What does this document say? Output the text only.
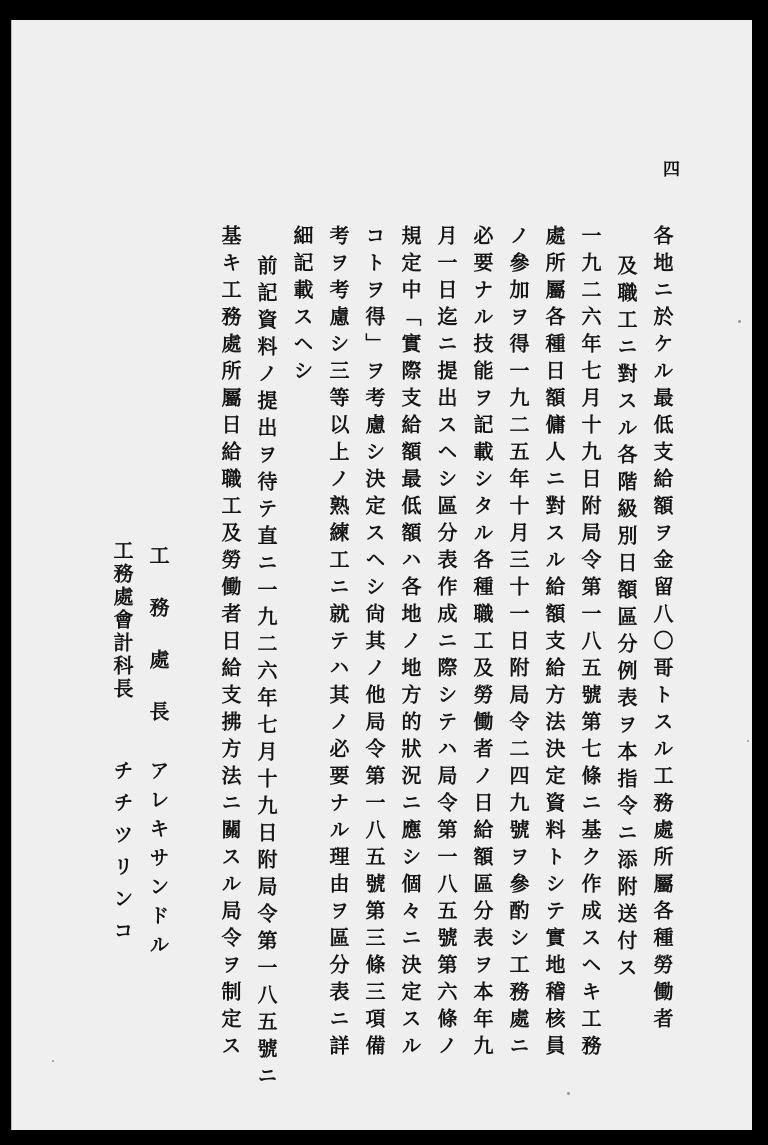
四
各地ニ於ケル最低支給額ヲ金留八〇哥トスル工務處所屬各種勞働者
及職工ニ對スル各階級別日額區分例表ヲ本指令ニ添附送付ス
一九二六年七月十九日附局令第一八五號第七條ニ基ク作成スヘキ工務
處所屬各種日額傭人ニ對スル給額支給方法決定資料トシテ實地稽核員
ノ參加ヲ得一九二五年十月三十一日附局令二四九號ヲ參酌シ工務處ニ
必要ナル技能ヲ記載シタル各種職工及勞働者ノ日給額區分表ヲ本年九
月一日迄ニ提出スヘシ區分表作成ニ際シテハ局令第一八五號第六條ノ
規定中「實際支給額最低額ハ各地ノ地方的狀況ニ應シ個々ニ決定スル
コトヲ得」ヲ考慮シ決定スヘシ尙其ノ他局令第一八五號第三條三項備
考ヲ考慮シ三等以上ノ熟練工ニ就テハ其ノ必要ナル理由ヲ區分表ニ詳
細記載スヘシ
前記資料ノ提出ヲ待テ直ニ一九二六年七月十九日附局令第一八五號ニ
基キ工務處所屬日給職工及勞働者日給支拂方法ニ關スル局令ヲ制定ス
工　務　處　長
アレキサンドル
工務處會計科長
チチツリンコ
